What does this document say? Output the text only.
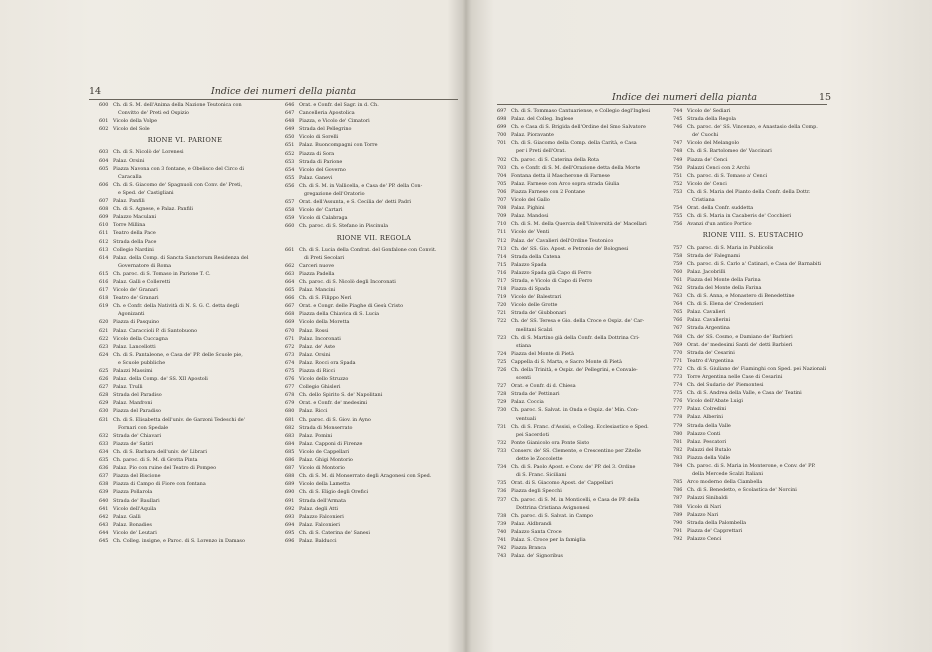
14	Indice dei numeri della pianta
600 Ch. di S. M. dell'Anima della Nazione Teutonica con
Convitto de' Preti ed Ospizio
601 Vicolo della Volpe
602 Vicolo del Sole
RIONE VI. PARIONE
603 Ch. di S. Nicolò de' Lorenesi
604 Palaz. Orsini
605 Piazza Navona con 3 fontane, e Obelisco del Circo di
Caracalla
606 Ch. di S. Giacomo de' Spagnuoli con Conv. de' Preti,
e Sped. de' Castigliani
607 Palaz. Panfili
608 Ch. di S. Agnese, e Palaz. Panfili
609 Palazzo Maculani
610 Torre Millina
611 Teatro della Pace
612 Strada della Pace
613 Collegio Nardini
614 Palaz. della Comp. di Sancta Sanctorum Residenza del
Governatore di Roma
615 Ch. paroc. di S. Tomaso in Parione T. C.
616 Palaz. Galli e Colleretti
617 Vicolo de' Granari
618 Teatro de' Granari
619 Ch. e Confr. della Natività di N. S. G. C. detta degli
Agonizanti
620 Piazza di Pasquino
621 Palaz. Caraccioli P. di Santobuono
622 Vicolo della Cuccagna
623 Palaz. Lancellotti
624 Ch. di S. Pantaleone, e Casa de' PP. delle Scuole pie,
e Scuole pubbliche
625 Palazzi Massimi
626 Palaz. della Comp. de' SS. XII Apostoli
627 Palaz. Trulli
628 Strada del Paradiso
629 Palaz. Manfroni
630 Piazza del Paradiso
631 Ch. di S. Elisabetta dell'univ. de Garzoni Tedeschi de'
Fornari con Spedale
632 Strada de' Chiavari
633 Piazza de' Satiri
634 Ch. di S. Barbara dell'univ. de' Librari
635 Ch. paroc. di S. M. di Grotta Pinta
636 Palaz. Pio con ruine del Teatro di Pompeo
637 Piazza del Biscione
638 Piazza di Campo di Fiore con fontana
639 Piazza Pollarola
640 Strada de' Baullari
641 Vicolo dell'Aquila
642 Palaz. Galli
643 Palaz. Bonadies
644 Vicolo de' Leutari
645 Ch. Colleg. insigne, e Paroc. di S. Lorenzo in Damaso
646 Orat. e Confr. del Sagr. in d. Ch.
647 Cancelleria Apostolica
648 Piazza, e Vicolo de' Cimatori
649 Strada del Pellegrino
650 Vicolo di Sorelli
651 Palaz. Buoncompagni con Torre
652 Piazza di Sora
653 Strada di Parione
654 Vicolo del Governo
655 Palaz. Ganevi
656 Ch. di S. M. in Vallicella, e Casa de' PP. della Con-
gregazione dell'Oratorio
657 Orat. dell'Assunta, e S. Cecilia de' detti Padri
658 Vicolo de' Cartari
659 Vicolo di Calabraga
660 Ch. paroc. di S. Stefano in Piscinula
RIONE VII. REGOLA
661 Ch. di S. Lucia della Confrat. del Gonfalone con Convit.
di Preti Secolari
662 Carceri nuove
663 Piazza Padella
664 Ch. paroc. di S. Nicolò degli Incoronati
665 Palaz. Mancini
666 Ch. di S. Filippo Neri
667 Orat. e Congr. delle Piaghe di Gesù Cristo
668 Piazza della Chiavica di S. Lucia
669 Vicolo della Moretta
670 Palaz. Rossi
671 Palaz. Incoronati
672 Palaz. de' Aste
673 Palaz. Orsini
674 Palaz. Rocci ora Spada
675 Piazza di Ricci
676 Vicolo dello Struzzo
677 Collegio Ghisleri
678 Ch. dello Spirito S. de' Napolitani
679 Orat. e Confr. de' medesimi
680 Palaz. Ricci
681 Ch. paroc. di S. Giov. in Ayno
682 Strada di Monserrato
683 Palaz. Pomini
684 Palaz. Capponi di Firenze
685 Vicolo de Cappellari
686 Palaz. Ghigi Montorio
687 Vicolo di Montorio
688 Ch. di S. M. di Monserrato degli Aragonesi con Sped.
689 Vicolo della Lametta
690 Ch. di S. Eligio degli Orefici
691 Strada dell'Armata
692 Palaz. degli Atti
693 Palazzo Falconieri
694 Palaz. Falconieri
695 Ch. di S. Caterina de' Sanesi
696 Palaz. Balducci
Indice dei numeri della pianta	15
697 Ch. di S. Tommaso Cantuariense, e Collegio degl'Inglesi
698 Palaz. del Colleg. Inglese
699 Ch. e Casa di S. Brigida dell'Ordine del Smo Salvatore
700 Palaz. Pioravante
701 Ch. di S. Giacomo della Comp. della Carità, e Casa
per i Preti dell'Orat.
702 Ch. paroc. di S. Caterina della Rota
703 Ch. e Confr. di S. M. dell'Orazione detta della Morte
704 Fontana detta il Mascherone di Farnese
705 Palaz. Farnese con Arco sopra strada Giulia
706 Piazza Farnese con 2 Fontane
707 Vicolo del Gallo
708 Palaz. Pighini
709 Palaz. Mandosi
710 Ch. di S. M. della Quercia dell'Università de' Macellari
711 Vicolo de' Venti
712 Palaz. de' Cavalieri dell'Ordine Teutonico
713 Ch. de' SS. Gio. Apost. e Petronio de' Bolognesi
714 Strada della Catena
715 Palazzo Spada
716 Palazzo Spada già Capo di Ferro
717 Strada, e Vicolo di Capo di Ferro
718 Piazza di Spada
719 Vicolo de' Balestrari
720 Vicolo delle Grotte
721 Strada de' Giubbonari
722 Ch. de' SS. Teresa e Gio. della Croce e Ospiz. de' Car-
melitani Scalzi
723 Ch. di S. Martino già della Confr. della Dottrina Cri-
stiana
724 Piazza del Monte di Pietà
725 Cappella di S. Marta, e Sacro Monte di Pietà
726 Ch. della Trinità, e Ospiz. de' Pellegrini, e Convale-
scenti
727 Orat. e Confr. di d. Chiesa
728 Strada de' Pettinari
729 Palaz. Coccia
730 Ch. paroc. S. Salvat. in Onda e Ospiz. de' Min. Con-
ventuali
731 Ch. di S. Franc. d'Assisi, e Colleg. Ecclesiastico e Sped.
pei Sacerdoti
732 Ponte Gianicolo ora Ponte Sisto
733 Conserv. de' SS. Clemente, e Crescentino per Zitelle
dette le Zoccolette
734 Ch. di S. Paolo Apost. e Conv. de' PP. del 3. Ordine
di S. Franc. Siciliani
735 Orat. di S. Giacomo Apost. de' Cappellari
736 Piazza degli Specchi
737 Ch. paroc. di S. M. in Monticelli, e Casa de PP. della
Dottrina Cristiana Avignonesi
738 Ch. paroc. di S. Salvat. in Campo
739 Palaz. Aldbrandi
740 Palazzo Santa Croce
741 Palaz. S. Croce per la famiglia
742 Piazza Branca
743 Palaz. de' Signoribus
744 Vicolo de' Sediari
745 Strada della Regola
746 Ch. paroc. de' SS. Vincenzo, e Anastasio della Comp.
de' Cuochi
747 Vicolo del Melangolo
748 Ch. di S. Bartolomeo de' Vaccinari
749 Piazza de' Cenci
750 Palazzi Cenci con 2 Archi
751 Ch. paroc. di S. Tomaso a' Cenci
752 Vicolo de' Cenci
753 Ch. di S. Maria del Pianto della Confr. della Dottr.
Cristiana
754 Orat. della Confr. suddetta
755 Ch. di S. Maria in Cacaberis de' Cocchieri
756 Avanzi d'un antico Portico
RIONE VIII. S. EUSTACHIO
757 Ch. paroc. di S. Maria in Publicolis
758 Strada de' Falegnami
759 Ch. paroc. di S. Carlo a' Catinari, e Casa de' Barnabiti
760 Palaz. Jacobrilli
761 Piazza del Monte della Farina
762 Strada del Monte della Farina
763 Ch. di S. Anna, e Monastero di Benedettine
764 Ch. di S. Elena de' Credenzieri
765 Palaz. Cavalieri
766 Palaz. Cavallerini
767 Strada Argentina
768 Ch. de' SS. Cosmo, e Damiano de' Barbieri
769 Orat. de' medesimi Santi de' detti Barbieri
770 Strada de' Cesarini
771 Teatro d'Argentina
772 Ch. di S. Giuliano de' Fiaminghi con Sped. pei Nazionali
773 Torre Argentina nelle Case di Cesarini
774 Ch. del Sudario de' Piemontesi
775 Ch. di S. Andrea della Valle, e Casa de' Teatini
776 Vicolo dell'Abate Luigi
777 Palaz. Colredini
778 Palaz. Alberini
779 Strada della Valle
780 Palazzo Conti
781 Palaz. Pescatori
782 Palazzi del Butalo
783 Piazza della Valle
784 Ch. paroc. di S. Maria in Monterone, e Conv. de' PP.
della Mercede Scalzi Italiani
785 Arco moderno della Ciambella
786 Ch. di S. Benedetto, e Scolastica de' Norcini
787 Palazzi Sinibaldi
788 Vicolo di Nari
789 Palazzo Nari
790 Strada della Palombella
791 Piazza de' Capprettari
792 Palazzo Cenci
